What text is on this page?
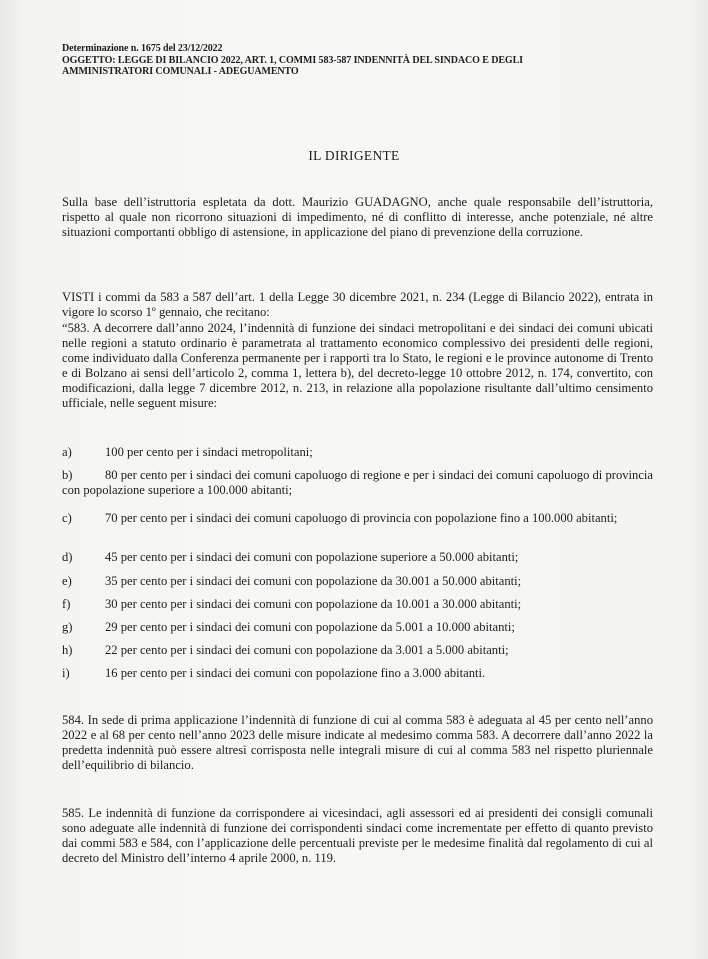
Determinazione n. 1675 del 23/12/2022
OGGETTO: LEGGE DI BILANCIO 2022, ART. 1, COMMI 583-587 INDENNITÀ DEL SINDACO E DEGLI
AMMINISTRATORI COMUNALI - ADEGUAMENTO
IL DIRIGENTE
Sulla base dell’istruttoria espletata da dott. Maurizio GUADAGNO, anche quale responsabile dell’istruttoria, rispetto al quale non ricorrono situazioni di impedimento, né di conflitto di interesse, anche potenziale, né altre situazioni comportanti obbligo di astensione, in applicazione del piano di prevenzione della corruzione.
VISTI i commi da 583 a 587 dell’art. 1 della Legge 30 dicembre 2021, n. 234 (Legge di Bilancio 2022), entrata in vigore lo scorso 1º gennaio, che recitano:
“583. A decorrere dall’anno 2024, l’indennità di funzione dei sindaci metropolitani e dei sindaci dei comuni ubicati nelle regioni a statuto ordinario è parametrata al trattamento economico complessivo dei presidenti delle regioni, come individuato dalla Conferenza permanente per i rapporti tra lo Stato, le regioni e le province autonome di Trento e di Bolzano ai sensi dell’articolo 2, comma 1, lettera b), del decreto-legge 10 ottobre 2012, n. 174, convertito, con modificazioni, dalla legge 7 dicembre 2012, n. 213, in relazione alla popolazione risultante dall’ultimo censimento ufficiale, nelle seguent misure:
a)	100 per cento per i sindaci metropolitani;
b)	80 per cento per i sindaci dei comuni capoluogo di regione e per i sindaci dei comuni capoluogo di provincia con popolazione superiore a 100.000 abitanti;
c)	70 per cento per i sindaci dei comuni capoluogo di provincia con popolazione fino a 100.000 abitanti;
d)	45 per cento per i sindaci dei comuni con popolazione superiore a 50.000 abitanti;
e)	35 per cento per i sindaci dei comuni con popolazione da 30.001 a 50.000 abitanti;
f)	30 per cento per i sindaci dei comuni con popolazione da 10.001 a 30.000 abitanti;
g)	29 per cento per i sindaci dei comuni con popolazione da 5.001 a 10.000 abitanti;
h)	22 per cento per i sindaci dei comuni con popolazione da 3.001 a 5.000 abitanti;
i)	16 per cento per i sindaci dei comuni con popolazione fino a 3.000 abitanti.
584. In sede di prima applicazione l’indennità di funzione di cui al comma 583 è adeguata al 45 per cento nell’anno 2022 e al 68 per cento nell’anno 2023 delle misure indicate al medesimo comma 583. A decorrere dall’anno 2022 la predetta indennità può essere altresì corrisposta nelle integrali misure di cui al comma 583 nel rispetto pluriennale dell’equilibrio di bilancio.
585. Le indennità di funzione da corrispondere ai vicesindaci, agli assessori ed ai presidenti dei consigli comunali sono adeguate alle indennità di funzione dei corrispondenti sindaci come incrementate per effetto di quanto previsto dai commi 583 e 584, con l’applicazione delle percentuali previste per le medesime finalità dal regolamento di cui al decreto del Ministro dell’interno 4 aprile 2000, n. 119.
